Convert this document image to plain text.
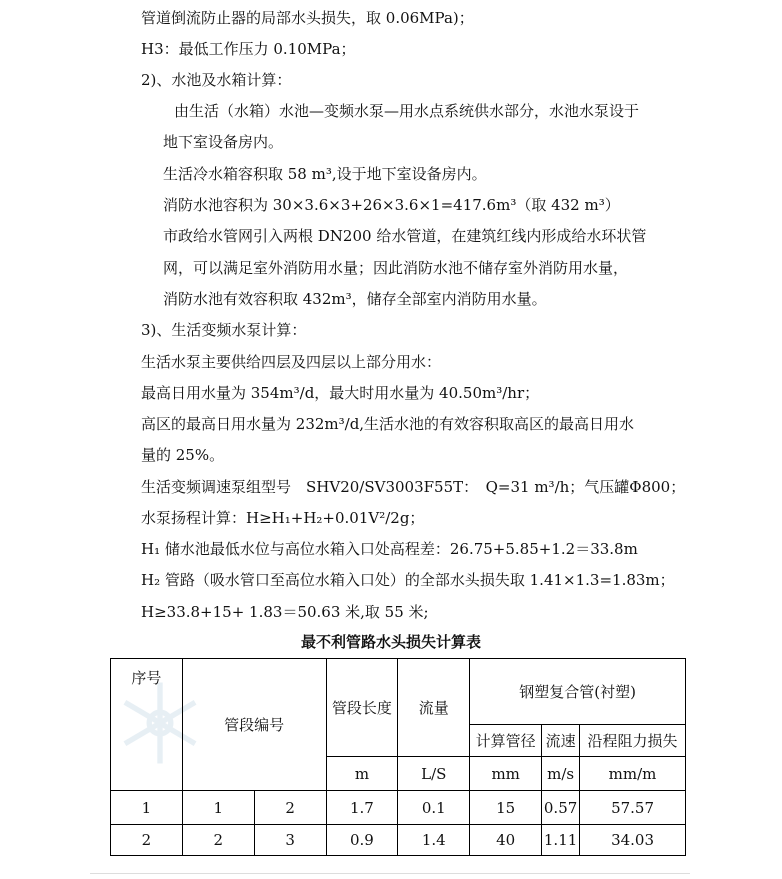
管道倒流防止器的局部水头损失，取 0.06MPa)；
H3：最低工作压力 0.10MPa；
2)、水池及水箱计算：
由生活（水箱）水池—变频水泵—用水点系统供水部分，水池水泵设于
地下室设备房内。
生活冷水箱容积取 58 m³,设于地下室设备房内。
消防水池容积为 30×3.6×3+26×3.6×1=417.6m³（取 432 m³）
市政给水管网引入两根 DN200 给水管道，在建筑红线内形成给水环状管
网，可以满足室外消防用水量；因此消防水池不储存室外消防用水量，
消防水池有效容积取 432m³，储存全部室内消防用水量。
3)、生活变频水泵计算：
生活水泵主要供给四层及四层以上部分用水：
最高日用水量为 354m³/d，最大时用水量为 40.50m³/hr；
高区的最高日用水量为 232m³/d,生活水池的有效容积取高区的最高日用水
量的 25%。
生活变频调速泵组型号　SHV20/SV3003F55T：　Q=31 m³/h；气压罐Φ800；
水泵扬程计算：H≥H₁+H₂+0.01V²/2g；
H₁ 储水池最低水位与高位水箱入口处高程差：26.75+5.85+1.2＝33.8m
H₂ 管路（吸水管口至高位水箱入口处）的全部水头损失取 1.41×1.3=1.83m；
H≥33.8+15+ 1.83＝50.63 米,取 55 米;
最不利管路水头损失计算表
序号	管段编号		管段长度	流量	钢塑复合管(衬塑)		
					计算管径	流速	沿程阻力损失
			m	L/S	mm	m/s	mm/m
1	1	2	1.7	0.1	15	0.57	57.57
2	2	3	0.9	1.4	40	1.11	34.03
